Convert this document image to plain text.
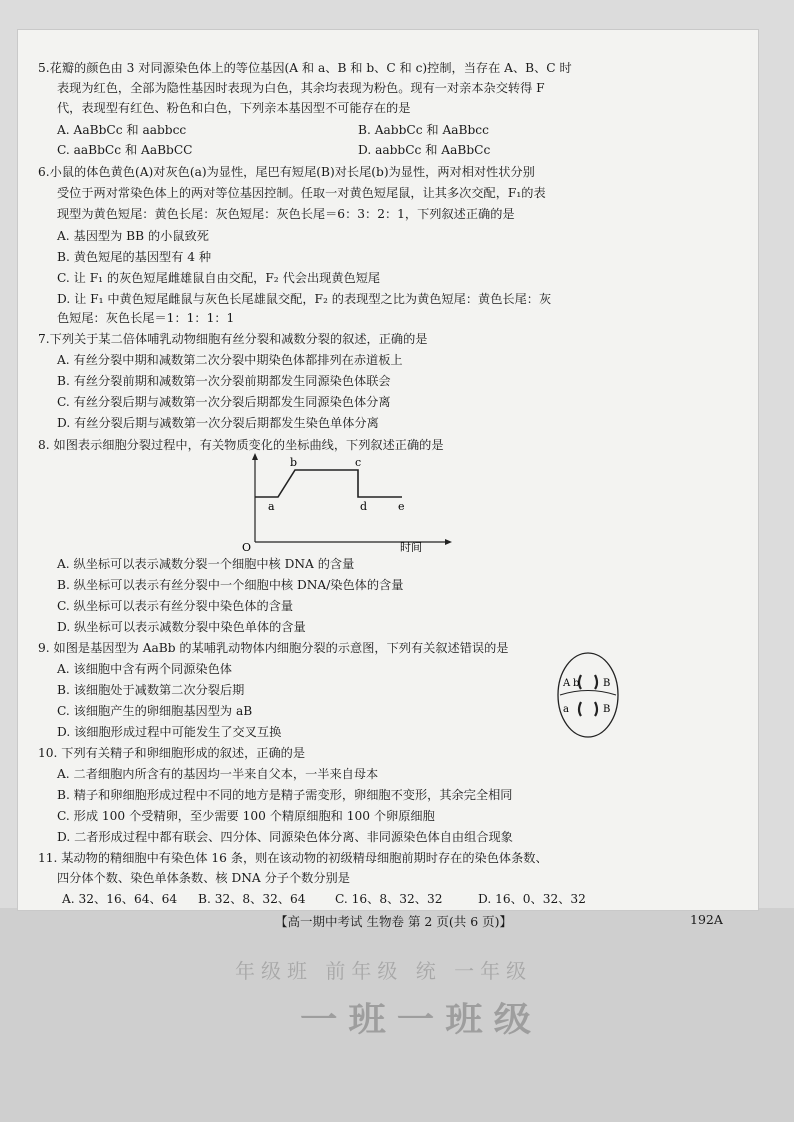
年级班 前年级 统 一年级
一班一班级
5.花瓣的颜色由 3 对同源染色体上的等位基因(A 和 a、B 和 b、C 和 c)控制，当存在 A、B、C 时
表现为红色，全部为隐性基因时表现为白色，其余均表现为粉色。现有一对亲本杂交转得 F
代，表现型有红色、粉色和白色，下列亲本基因型不可能存在的是
A. AaBbCc 和 aabbcc	B. AabbCc 和 AaBbcc
C. aaBbCc 和 AaBbCC	D. aabbCc 和 AaBbCc
6.小鼠的体色黄色(A)对灰色(a)为显性，尾巴有短尾(B)对长尾(b)为显性，两对相对性状分别
受位于两对常染色体上的两对等位基因控制。任取一对黄色短尾鼠，让其多次交配，F₁的表
现型为黄色短尾：黄色长尾：灰色短尾：灰色长尾＝6：3：2：1，下列叙述正确的是
A. 基因型为 BB 的小鼠致死
B. 黄色短尾的基因型有 4 种
C. 让 F₁ 的灰色短尾雌雄鼠自由交配，F₂ 代会出现黄色短尾
D. 让 F₁ 中黄色短尾雌鼠与灰色长尾雄鼠交配，F₂ 的表现型之比为黄色短尾：黄色长尾：灰
色短尾：灰色长尾＝1：1：1：1
7.下列关于某二倍体哺乳动物细胞有丝分裂和减数分裂的叙述，正确的是
A. 有丝分裂中期和减数第二次分裂中期染色体都排列在赤道板上
B. 有丝分裂前期和减数第一次分裂前期都发生同源染色体联会
C. 有丝分裂后期与减数第一次分裂后期都发生同源染色体分离
D. 有丝分裂后期与减数第一次分裂后期都发生染色单体分离
8. 如图表示细胞分裂过程中，有关物质变化的坐标曲线，下列叙述正确的是
O	时间
a
b	c
d	e
A. 纵坐标可以表示减数分裂一个细胞中核 DNA 的含量
B. 纵坐标可以表示有丝分裂中一个细胞中核 DNA/染色体的含量
C. 纵坐标可以表示有丝分裂中染色体的含量
D. 纵坐标可以表示减数分裂中染色单体的含量
9. 如图是基因型为 AaBb 的某哺乳动物体内细胞分裂的示意图，下列有关叙述错误的是
A. 该细胞中含有两个同源染色体
B. 该细胞处于减数第二次分裂后期
C. 该细胞产生的卵细胞基因型为 aB
D. 该细胞形成过程中可能发生了交叉互换
A b B
a	B
10. 下列有关精子和卵细胞形成的叙述，正确的是
A. 二者细胞内所含有的基因均一半来自父本，一半来自母本
B. 精子和卵细胞形成过程中不同的地方是精子需变形，卵细胞不变形，其余完全相同
C. 形成 100 个受精卵，至少需要 100 个精原细胞和 100 个卵原细胞
D. 二者形成过程中都有联会、四分体、同源染色体分离、非同源染色体自由组合现象
11. 某动物的精细胞中有染色体 16 条，则在该动物的初级精母细胞前期时存在的染色体条数、
四分体个数、染色单体条数、核 DNA 分子个数分别是
A. 32、16、64、64 B. 32、8、32、64 C. 16、8、32、32	D. 16、0、32、32
【高一期中考试 生物卷 第 2 页(共 6 页)】	192A
